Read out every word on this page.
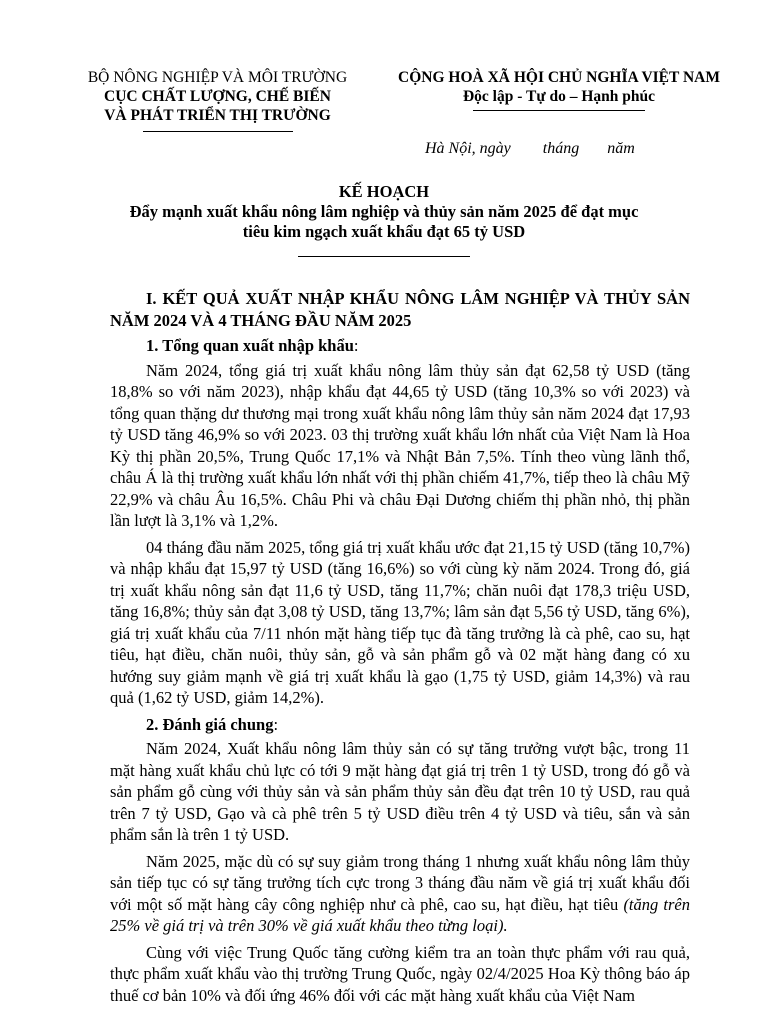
BỘ NÔNG NGHIỆP VÀ MÔI TRƯỜNG
CỤC CHẤT LƯỢNG, CHẾ BIẾN
VÀ PHÁT TRIỂN THỊ TRƯỜNG
CỘNG HOÀ XÃ HỘI CHỦ NGHĨA VIỆT NAM
Độc lập - Tự do – Hạnh phúc
Hà Nội, ngày        tháng       năm
KẾ HOẠCH
Đẩy mạnh xuất khẩu nông lâm nghiệp và thủy sản năm 2025 để đạt mục
tiêu kim ngạch xuất khẩu đạt 65 tỷ USD
I. KẾT QUẢ XUẤT NHẬP KHẨU NÔNG LÂM NGHIỆP VÀ THỦY SẢN NĂM 2024 VÀ 4 THÁNG ĐẦU NĂM 2025
1. Tổng quan xuất nhập khẩu:

Năm 2024, tổng giá trị xuất khẩu nông lâm thủy sản đạt 62,58 tỷ USD (tăng 18,8% so với năm 2023), nhập khẩu đạt 44,65 tỷ USD (tăng 10,3% so với 2023) và tổng quan thặng dư thương mại trong xuất khẩu nông lâm thủy sản năm 2024 đạt 17,93 tỷ USD tăng 46,9% so với 2023. 03 thị trường xuất khẩu lớn nhất của Việt Nam là Hoa Kỳ thị phần 20,5%, Trung Quốc 17,1% và Nhật Bản 7,5%. Tính theo vùng lãnh thổ, châu Á là thị trường xuất khẩu lớn nhất với thị phần chiếm 41,7%, tiếp theo là châu Mỹ 22,9% và châu Âu 16,5%. Châu Phi và châu Đại Dương chiếm thị phần nhỏ, thị phần lần lượt là 3,1% và 1,2%.

04 tháng đầu năm 2025, tổng giá trị xuất khẩu ước đạt 21,15 tỷ USD (tăng 10,7%) và nhập khẩu đạt 15,97 tỷ USD (tăng 16,6%) so với cùng kỳ năm 2024. Trong đó, giá trị xuất khẩu nông sản đạt 11,6 tỷ USD, tăng 11,7%; chăn nuôi đạt 178,3 triệu USD, tăng 16,8%; thủy sản đạt 3,08 tỷ USD, tăng 13,7%; lâm sản đạt 5,56 tỷ USD, tăng 6%), giá trị xuất khẩu của 7/11 nhón mặt hàng tiếp tục đà tăng trưởng là cà phê, cao su, hạt tiêu, hạt điều, chăn nuôi, thủy sản, gỗ và sản phẩm gỗ và 02 mặt hàng đang có xu hướng suy giảm mạnh về giá trị xuất khẩu là gạo (1,75 tỷ USD, giảm 14,3%) và rau quả (1,62 tỷ USD, giảm 14,2%).

2. Đánh giá chung:

Năm 2024, Xuất khẩu nông lâm thủy sản có sự tăng trưởng vượt bậc, trong 11 mặt hàng xuất khẩu chủ lực có tới 9 mặt hàng đạt giá trị trên 1 tỷ USD, trong đó gỗ và sản phẩm gỗ cùng với thủy sản và sản phẩm thủy sản đều đạt trên 10 tỷ USD, rau quả trên 7 tỷ USD, Gạo và cà phê trên 5 tỷ USD điều trên 4 tỷ USD và tiêu, sắn và sản phẩm sắn là trên 1 tỷ USD.

Năm 2025, mặc dù có sự suy giảm trong tháng 1 nhưng xuất khẩu nông lâm thủy sản tiếp tục có sự tăng trưởng tích cực trong 3 tháng đầu năm về giá trị xuất khẩu đối với một số mặt hàng cây công nghiệp như cà phê, cao su, hạt điều, hạt tiêu (tăng trên 25% về giá trị và trên 30% về giá xuất khẩu theo từng loại).

Cùng với việc Trung Quốc tăng cường kiểm tra an toàn thực phẩm với rau quả, thực phẩm xuất khẩu vào thị trường Trung Quốc, ngày 02/4/2025 Hoa Kỳ thông báo áp thuế cơ bản 10% và đối ứng 46% đối với các mặt hàng xuất khẩu của Việt Nam
